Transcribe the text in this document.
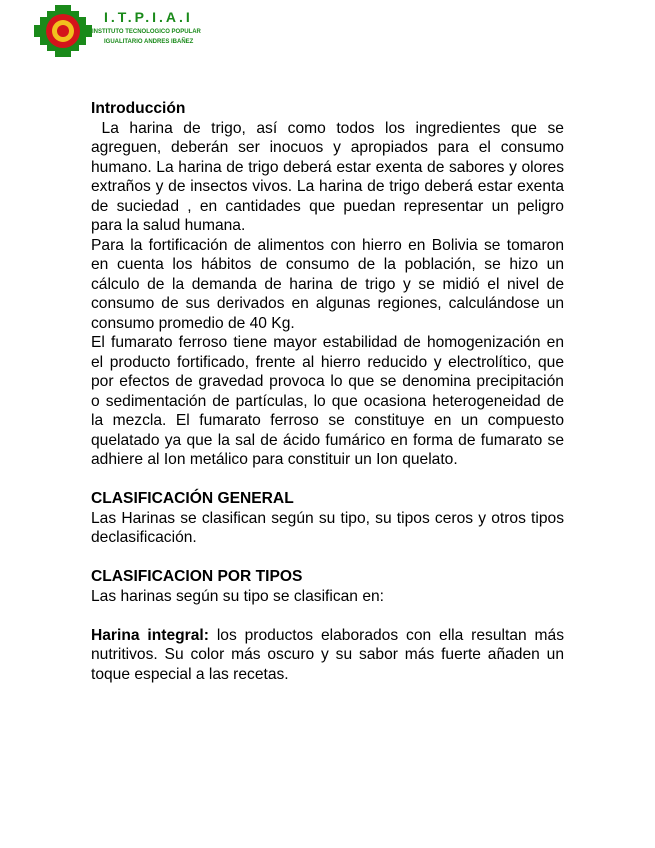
I.T.P.I.A.I
INSTITUTO TECNOLOGICO POPULAR
IGUALITARIO ANDRES IBAÑEZ
Introducción

La harina de trigo, así como todos los ingredientes que se agreguen, deberán ser inocuos y apropiados para el consumo humano. La harina de trigo deberá estar exenta de sabores y olores extraños y de insectos vivos. La harina de trigo deberá estar exenta de suciedad , en cantidades que puedan representar un peligro para la salud humana.

Para la fortificación de alimentos con hierro en Bolivia se tomaron en cuenta los hábitos de consumo de la población, se hizo un cálculo de la demanda de harina de trigo y se midió el nivel de consumo de sus derivados en algunas regiones, calculándose un consumo promedio de 40 Kg.

El fumarato ferroso tiene mayor estabilidad de homogenización en el producto fortificado, frente al hierro reducido y electrolítico, que por efectos de gravedad provoca lo que se denomina precipitación o sedimentación de partículas, lo que ocasiona heterogeneidad de la mezcla. El fumarato ferroso se constituye en un compuesto quelatado ya que la sal de ácido fumárico en forma de fumarato se adhiere al Ion metálico para constituir un Ion quelato.

CLASIFICACIÓN GENERAL

Las Harinas se clasifican según su tipo, su tipos ceros y otros tipos declasificación.

CLASIFICACION POR TIPOS

Las harinas según su tipo se clasifican en:

Harina integral: los productos elaborados con ella resultan más nutritivos. Su color más oscuro y su sabor más fuerte añaden un toque especial a las recetas.
